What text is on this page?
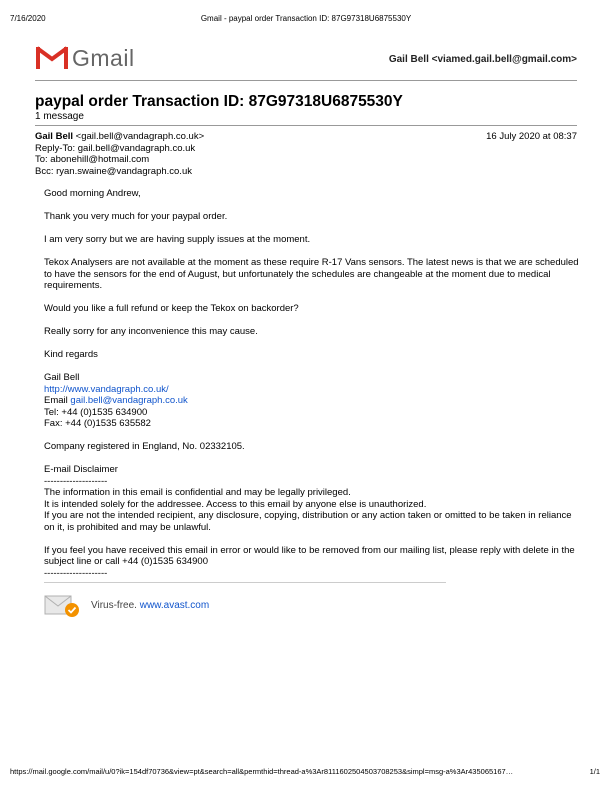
7/16/2020	Gmail - paypal order Transaction ID: 87G97318U6875530Y
Gmail	Gail Bell <viamed.gail.bell@gmail.com>
paypal order Transaction ID: 87G97318U6875530Y
1 message
Gail Bell <gail.bell@vandagraph.co.uk>
Reply-To: gail.bell@vandagraph.co.uk
To: abonehill@hotmail.com
Bcc: ryan.swaine@vandagraph.co.uk
16 July 2020 at 08:37

Good morning Andrew,

Thank you very much for your paypal order.

I am very sorry but we are having supply issues at the moment.

Tekox Analysers are not available at the moment as these require R-17 Vans sensors. The latest news is that we are scheduled to have the sensors for the end of August, but unfortunately the schedules are changeable at the moment due to medical requirements.

Would you like a full refund or keep the Tekox on backorder?

Really sorry for any inconvenience this may cause.

Kind regards

Gail Bell
http://www.vandagraph.co.uk/
Email gail.bell@vandagraph.co.uk
Tel: +44 (0)1535 634900
Fax: +44 (0)1535 635582

Company registered in England, No. 02332105.

E-mail Disclaimer
--------------------
The information in this email is confidential and may be legally privileged.
It is intended solely for the addressee. Access to this email by anyone else is unauthorized.
If you are not the intended recipient, any disclosure, copying, distribution or any action taken or omitted to be taken in reliance on it, is prohibited and may be unlawful.

If you feel you have received this email in error or would like to be removed from our mailing list, please reply with delete in the subject line or call +44 (0)1535 634900
--------------------

Virus-free. www.avast.com
https://mail.google.com/mail/u/0?ik=154df70736&view=pt&search=all&permthid=thread-a%3Ar8111602504503708253&simpl=msg-a%3Ar435065167…	1/1
